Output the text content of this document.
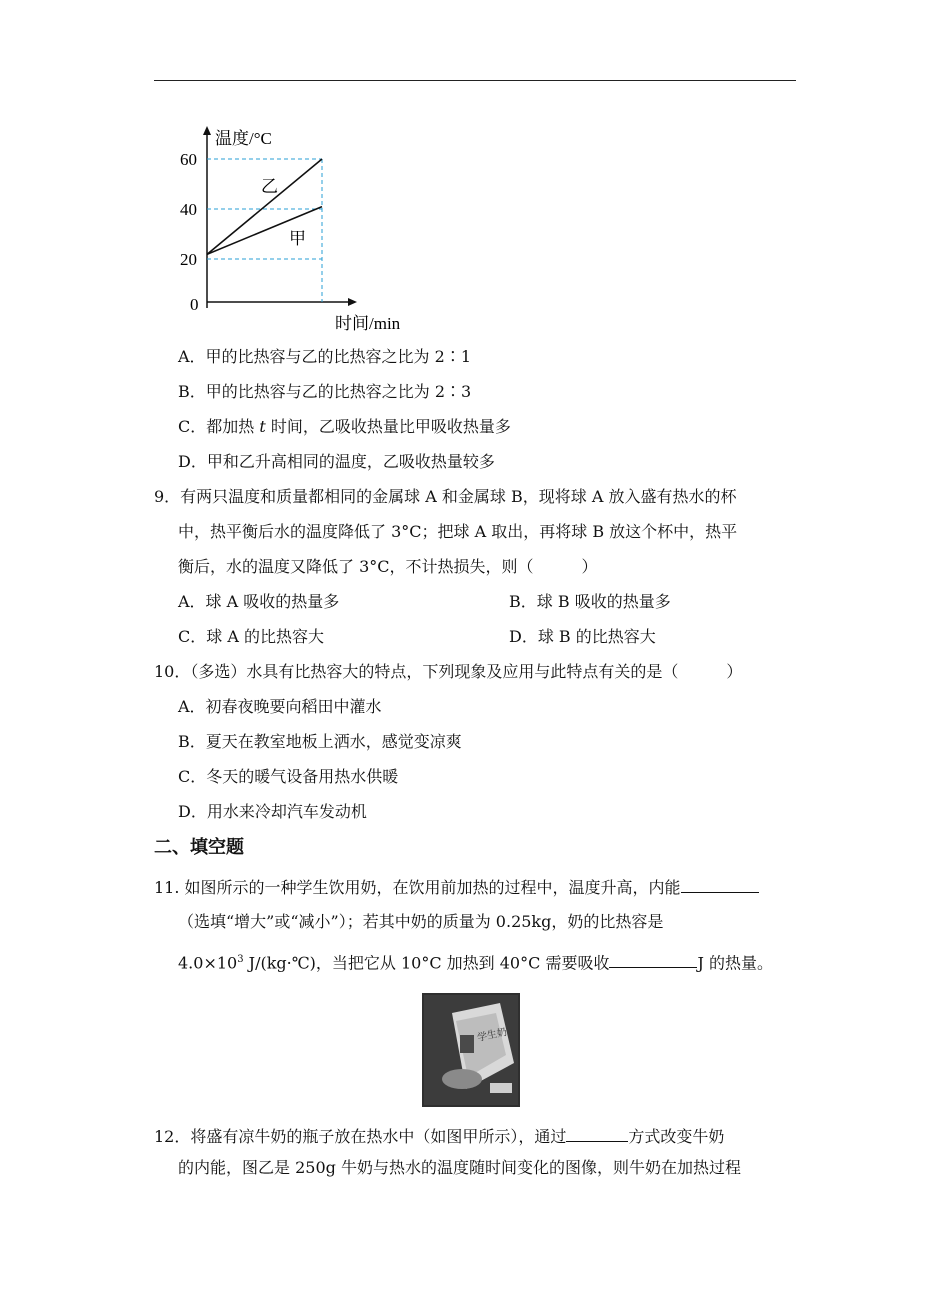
温度/°C
时间/min
60
40
20
0
乙
甲
A．甲的比热容与乙的比热容之比为 2∶1
B．甲的比热容与乙的比热容之比为 2∶3
C．都加热 t 时间，乙吸收热量比甲吸收热量多
D．甲和乙升高相同的温度，乙吸收热量较多
9．有两只温度和质量都相同的金属球 A 和金属球 B，现将球 A 放入盛有热水的杯
中，热平衡后水的温度降低了 3°C；把球 A 取出，再将球 B 放这个杯中，热平
衡后，水的温度又降低了 3°C，不计热损失，则（　　　）
A．球 A 吸收的热量多	B．球 B 吸收的热量多
C．球 A 的比热容大	D．球 B 的比热容大
10．（多选）水具有比热容大的特点，下列现象及应用与此特点有关的是（　　　）
A．初春夜晚要向稻田中灌水
B．夏天在教室地板上洒水，感觉变凉爽
C．冬天的暖气设备用热水供暖
D．用水来冷却汽车发动机
二、填空题
11. 如图所示的一种学生饮用奶，在饮用前加热的过程中，温度升高，内能
（选填“增大”或“减小”）；若其中奶的质量为 0.25kg，奶的比热容是
$4.0\times 10^3$ J/(kg·℃)，当把它从 10°C 加热到 40°C 需要吸收	J 的热量。
学生奶
12．将盛有凉牛奶的瓶子放在热水中（如图甲所示），通过	方式改变牛奶
的内能，图乙是 250g 牛奶与热水的温度随时间变化的图像，则牛奶在加热过程
